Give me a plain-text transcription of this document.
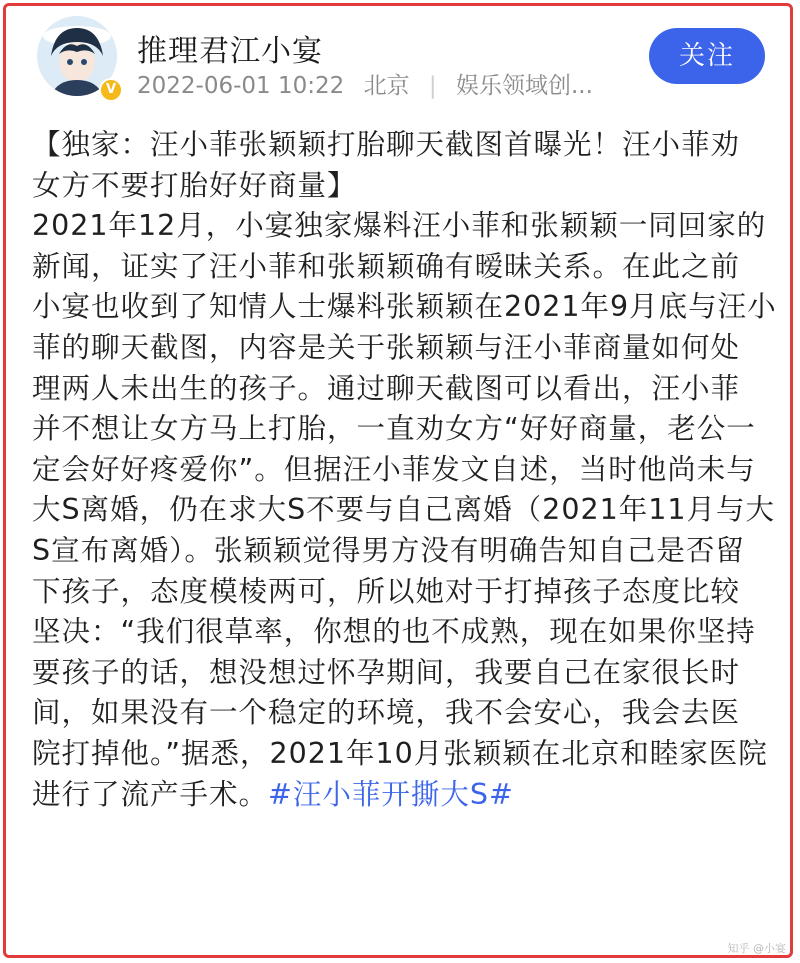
V
推理君江小宴
2022-06-01 10:22 北京 | 娱乐领域创...
关注
【独家：汪小菲张颖颖打胎聊天截图首曝光！汪小菲劝
女方不要打胎好好商量】
2021年12月，小宴独家爆料汪小菲和张颖颖一同回家的
新闻，证实了汪小菲和张颖颖确有暧昧关系。在此之前
小宴也收到了知情人士爆料张颖颖在2021年9月底与汪小
菲的聊天截图，内容是关于张颖颖与汪小菲商量如何处
理两人未出生的孩子。通过聊天截图可以看出，汪小菲
并不想让女方马上打胎，一直劝女方“好好商量，老公一
定会好好疼爱你”。但据汪小菲发文自述，当时他尚未与
大S离婚，仍在求大S不要与自己离婚（2021年11月与大
S宣布离婚）。张颖颖觉得男方没有明确告知自己是否留
下孩子，态度模棱两可，所以她对于打掉孩子态度比较
坚决：“我们很草率，你想的也不成熟，现在如果你坚持
要孩子的话，想没想过怀孕期间，我要自己在家很长时
间，如果没有一个稳定的环境，我不会安心，我会去医
院打掉他。”据悉，2021年10月张颖颖在北京和睦家医院
进行了流产手术。#汪小菲开撕大S#
知乎 @小宴
